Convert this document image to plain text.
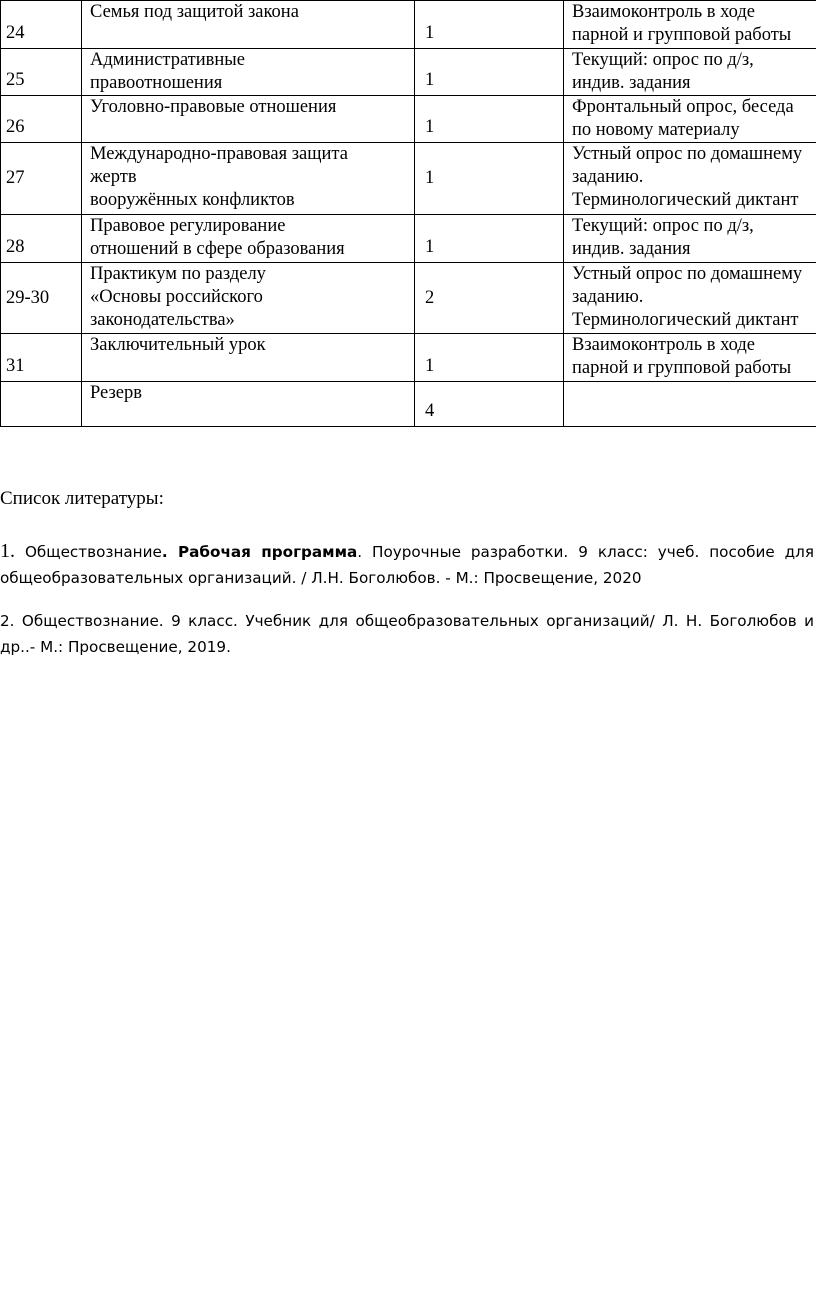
24	Семья под защитой закона	1	Взаимоконтроль в ходе
парной и групповой работы

25	Административные
правоотношения	1	Текущий: опрос по д/з,
индив. задания

26	Уголовно-правовые отношения	1	Фронтальный опрос, беседа
по новому материалу

27	Международно-правовая защита
жертв
вооружённых конфликтов	1	Устный опрос по домашнему
заданию.
Терминологический диктант

28	Правовое регулирование
отношений в сфере образования	1	Текущий: опрос по д/з,
индив. задания

29-30	Практикум по разделу
«Основы российского
законодательства»	2	Устный опрос по домашнему
заданию.
Терминологический диктант

31	Заключительный урок	1	Взаимоконтроль в ходе
парной и групповой работы

	Резерв	4	
Список литературы:
1. Обществознание. Рабочая программа. Поурочные разработки. 9 класс: учеб. пособие для общеобразовательных организаций. / Л.Н. Боголюбов. - М.: Просвещение, 2020
2. Обществознание. 9 класс. Учебник для общеобразовательных организаций/ Л. Н. Боголюбов и др..- М.: Просвещение, 2019.
